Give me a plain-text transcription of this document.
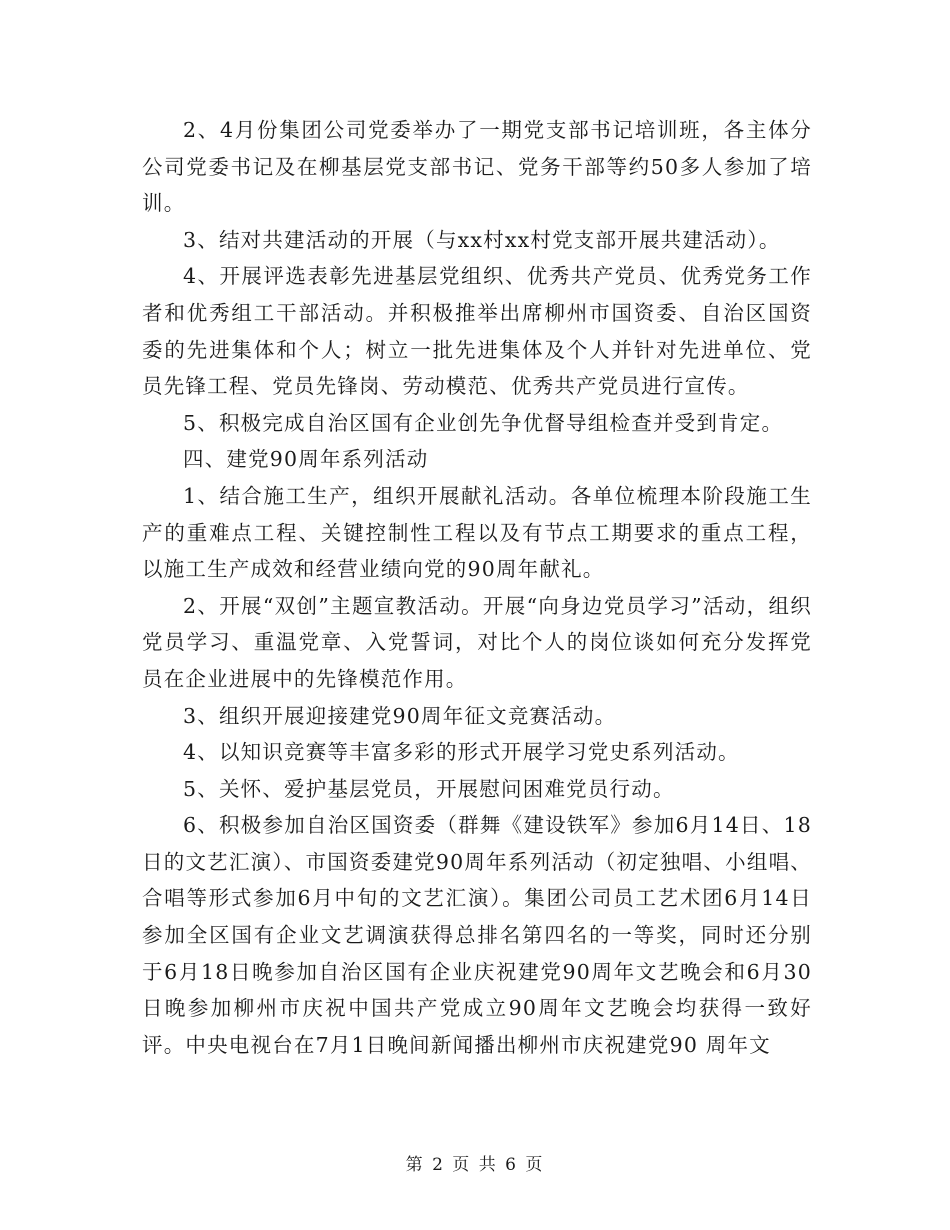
2、4月份集团公司党委举办了一期党支部书记培训班，各主体分公司党委书记及在柳基层党支部书记、党务干部等约50多人参加了培训。

3、结对共建活动的开展（与xx村xx村党支部开展共建活动）。

4、开展评选表彰先进基层党组织、优秀共产党员、优秀党务工作者和优秀组工干部活动。并积极推举出席柳州市国资委、自治区国资委的先进集体和个人；树立一批先进集体及个人并针对先进单位、党员先锋工程、党员先锋岗、劳动模范、优秀共产党员进行宣传。

5、积极完成自治区国有企业创先争优督导组检查并受到肯定。

四、建党90周年系列活动

1、结合施工生产，组织开展献礼活动。各单位梳理本阶段施工生产的重难点工程、关键控制性工程以及有节点工期要求的重点工程，以施工生产成效和经营业绩向党的90周年献礼。

2、开展“双创”主题宣教活动。开展“向身边党员学习”活动，组织党员学习、重温党章、入党誓词，对比个人的岗位谈如何充分发挥党员在企业进展中的先锋模范作用。

3、组织开展迎接建党90周年征文竞赛活动。

4、以知识竞赛等丰富多彩的形式开展学习党史系列活动。

5、关怀、爱护基层党员，开展慰问困难党员行动。

6、积极参加自治区国资委（群舞《建设铁军》参加6月14日、18日的文艺汇演）、市国资委建党90周年系列活动（初定独唱、小组唱、合唱等形式参加6月中旬的文艺汇演）。集团公司员工艺术团6月14日参加全区国有企业文艺调演获得总排名第四名的一等奖，同时还分别于6月18日晚参加自治区国有企业庆祝建党90周年文艺晚会和6月30日晚参加柳州市庆祝中国共产党成立90周年文艺晚会均获得一致好评。中央电视台在7月1日晚间新闻播出柳州市庆祝建党90 周年文

第 2 页 共 6 页
